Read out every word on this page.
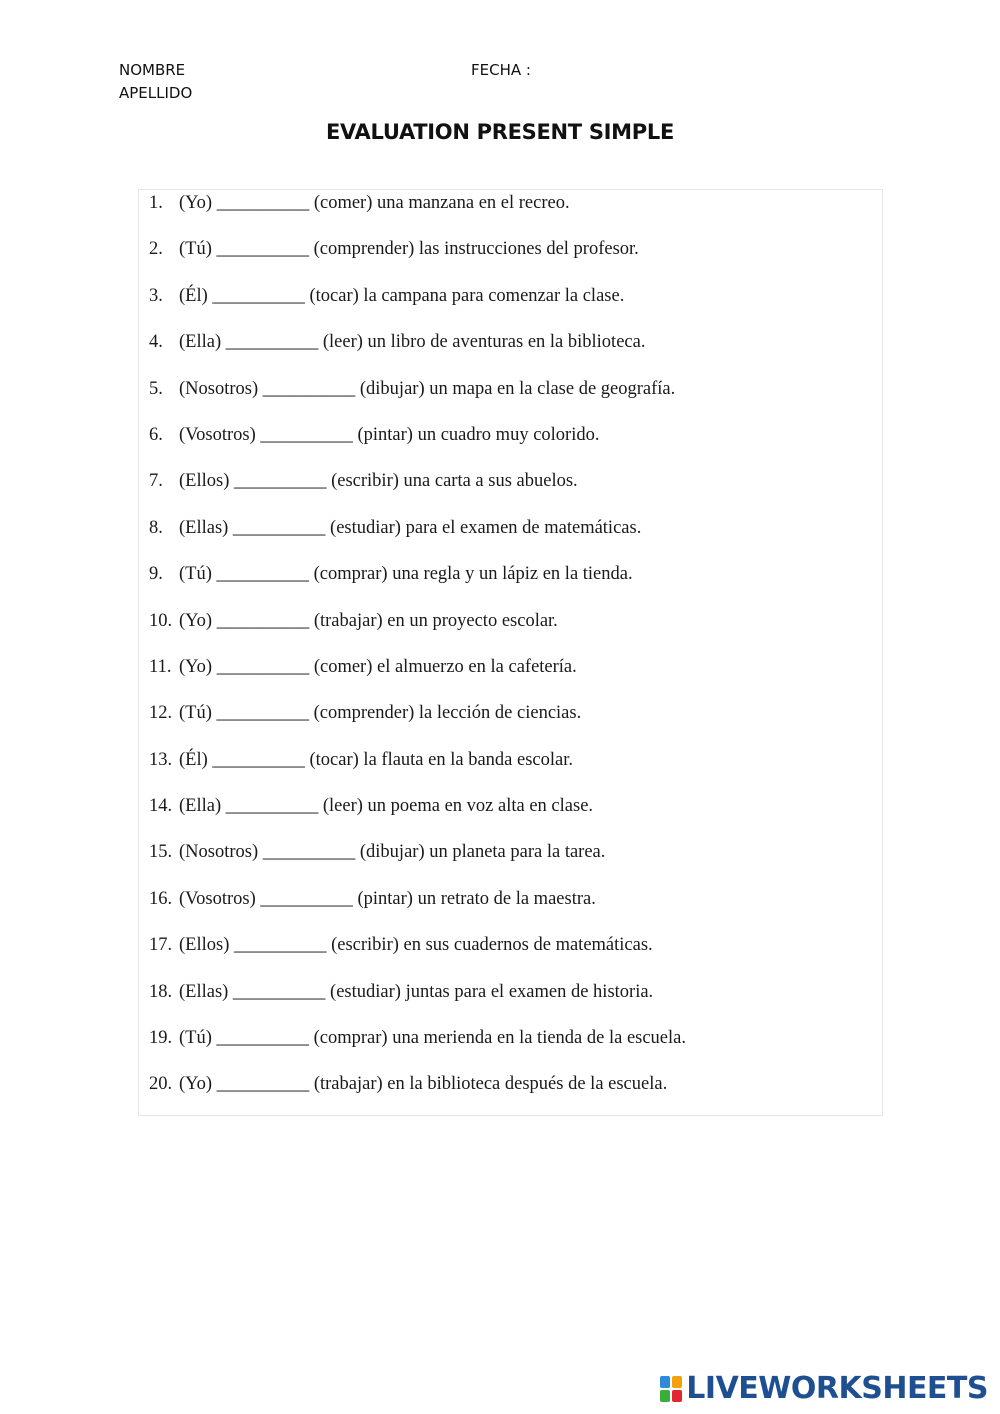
NOMBRE
APELLIDO
FECHA :
EVALUATION PRESENT SIMPLE
1. (Yo) __________ (comer) una manzana en el recreo.
2. (Tú) __________ (comprender) las instrucciones del profesor.
3. (Él) __________ (tocar) la campana para comenzar la clase.
4. (Ella) __________ (leer) un libro de aventuras en la biblioteca.
5. (Nosotros) __________ (dibujar) un mapa en la clase de geografía.
6. (Vosotros) __________ (pintar) un cuadro muy colorido.
7. (Ellos) __________ (escribir) una carta a sus abuelos.
8. (Ellas) __________ (estudiar) para el examen de matemáticas.
9. (Tú) __________ (comprar) una regla y un lápiz en la tienda.
10. (Yo) __________ (trabajar) en un proyecto escolar.
11. (Yo) __________ (comer) el almuerzo en la cafetería.
12. (Tú) __________ (comprender) la lección de ciencias.
13. (Él) __________ (tocar) la flauta en la banda escolar.
14. (Ella) __________ (leer) un poema en voz alta en clase.
15. (Nosotros) __________ (dibujar) un planeta para la tarea.
16. (Vosotros) __________ (pintar) un retrato de la maestra.
17. (Ellos) __________ (escribir) en sus cuadernos de matemáticas.
18. (Ellas) __________ (estudiar) juntas para el examen de historia.
19. (Tú) __________ (comprar) una merienda en la tienda de la escuela.
20. (Yo) __________ (trabajar) en la biblioteca después de la escuela.
LIVEWORKSHEETS
